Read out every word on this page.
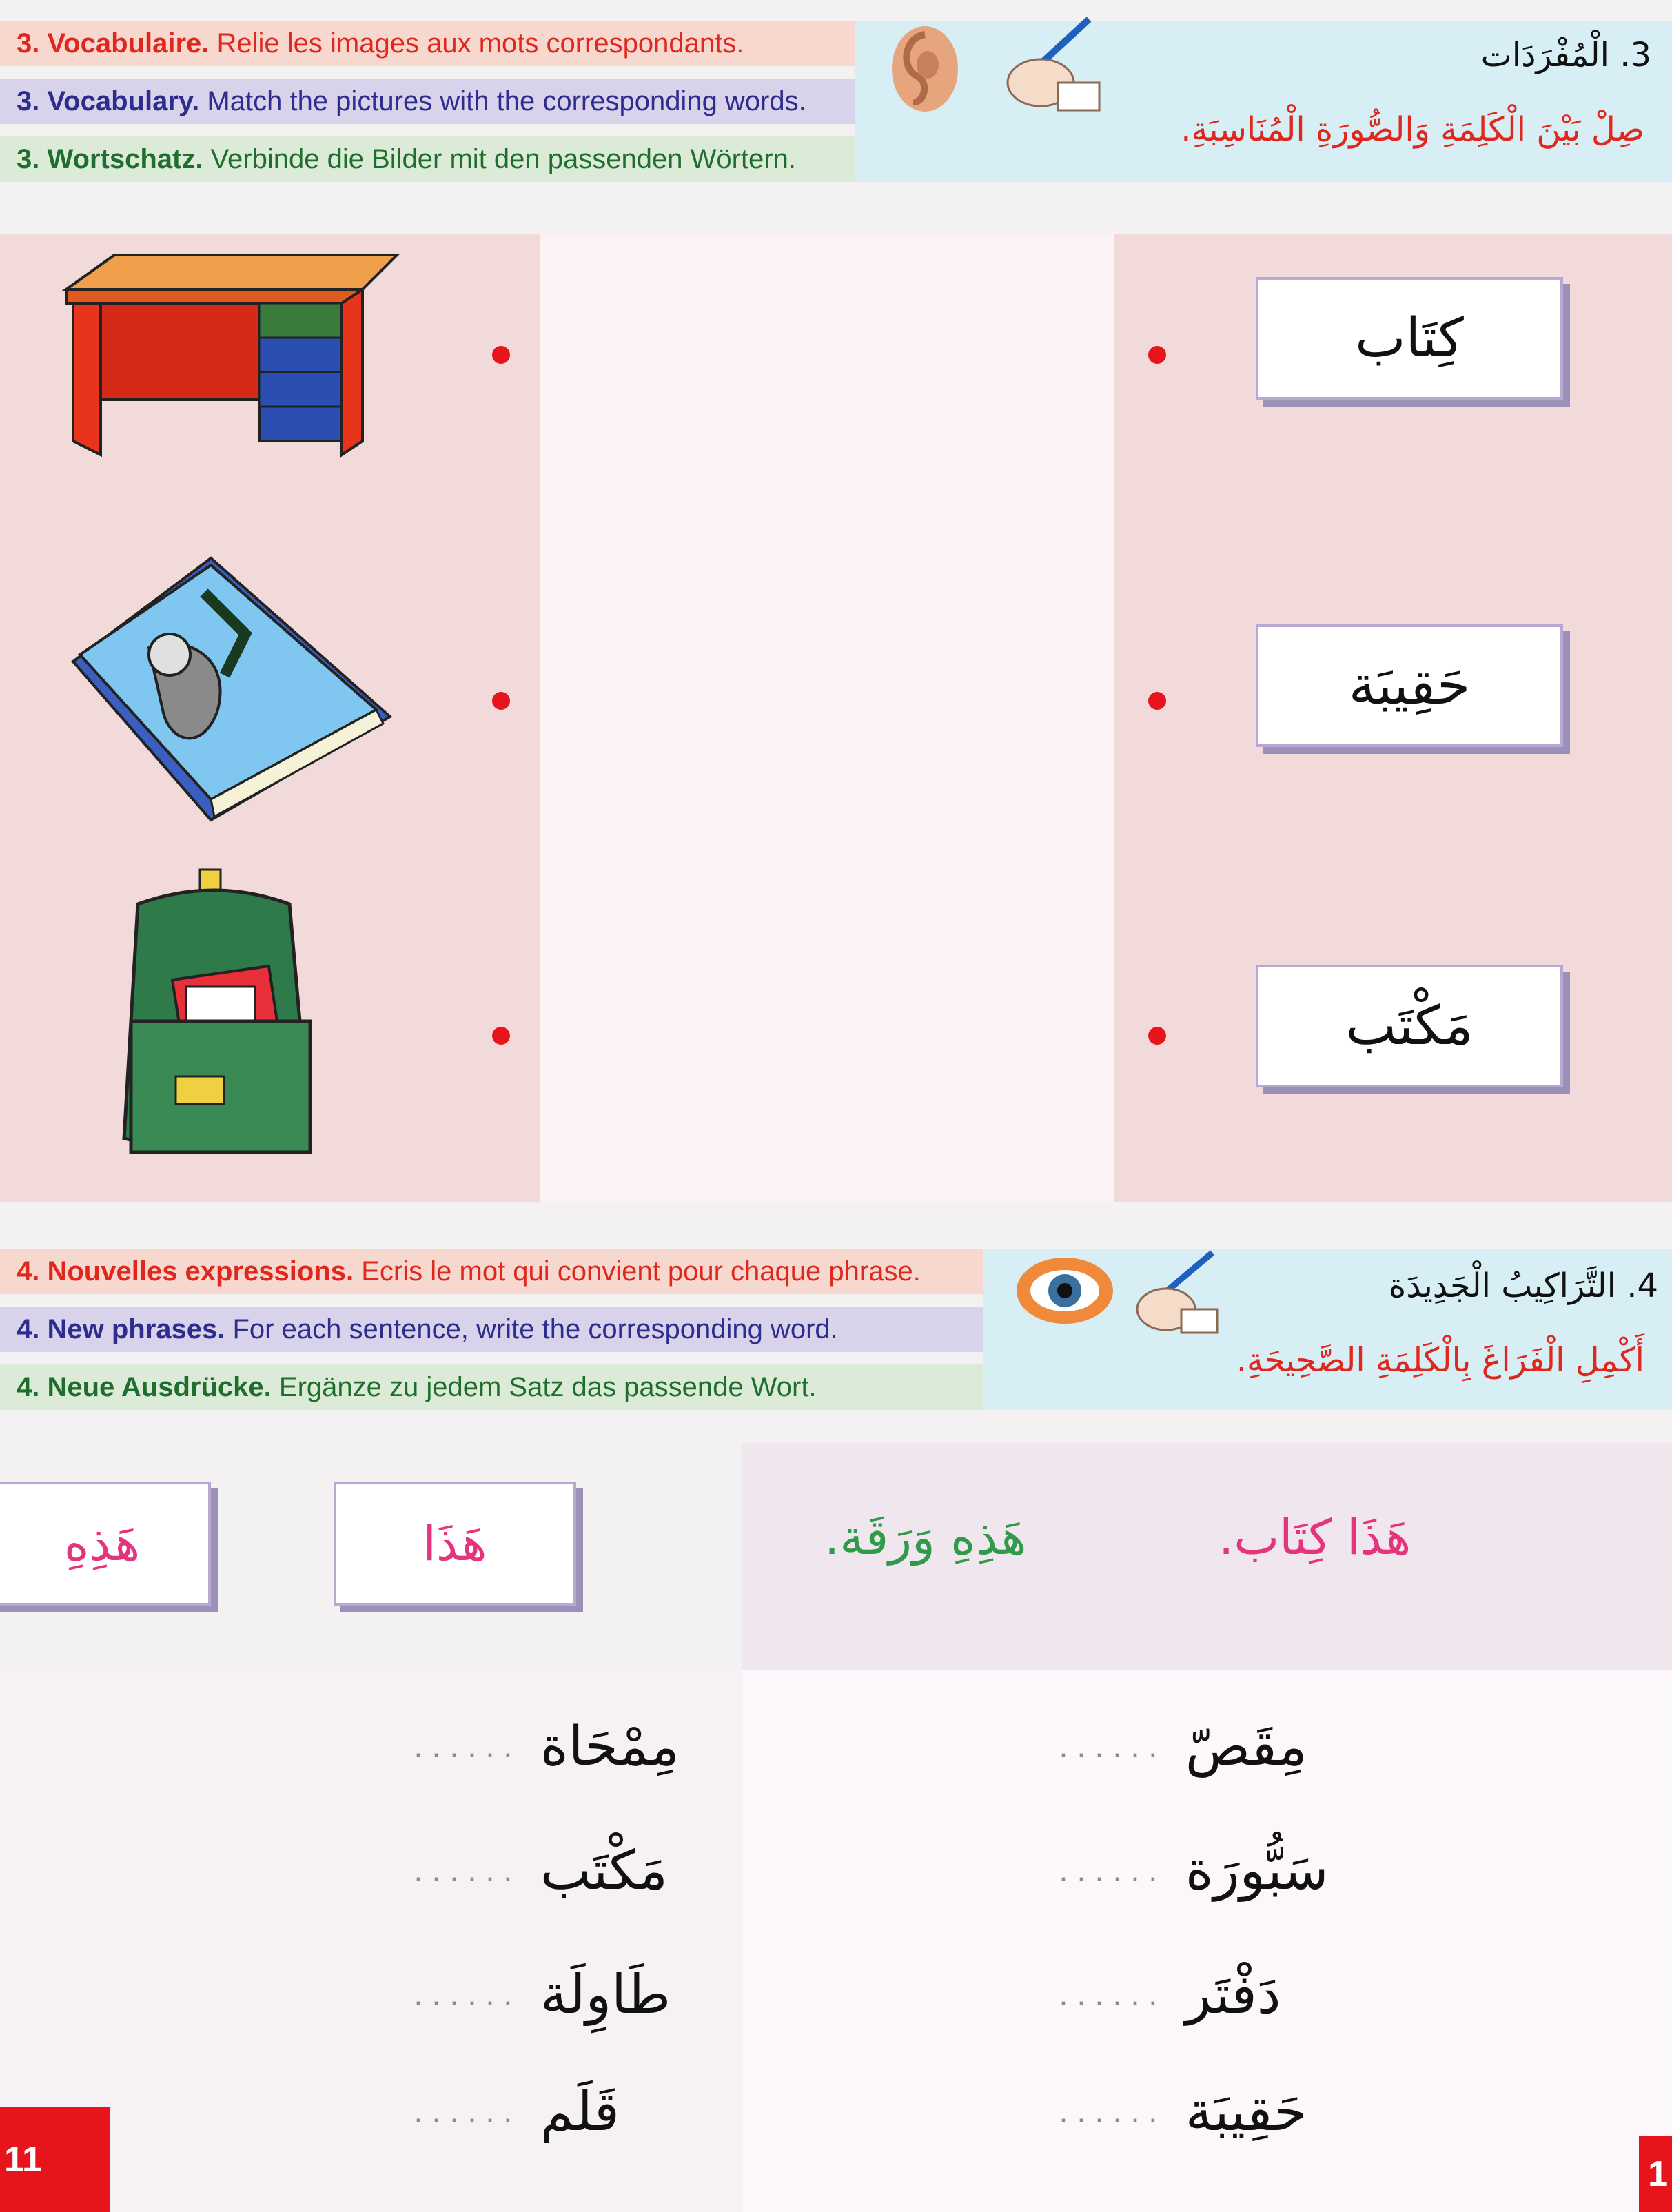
3. Vocabulaire. Relie les images aux mots correspondants.
3. Vocabulary. Match the pictures with the corresponding words.
3. Wortschatz. Verbinde die Bilder mit den passenden Wörtern.
3. الْمُفْرَدَات
صِلْ بَيْنَ الْكَلِمَةِ وَالصُّورَةِ الْمُنَاسِبَةِ.
كِتَاب
حَقِيبَة
مَكْتَب
4. Nouvelles expressions. Ecris le mot qui convient pour chaque phrase.
4. New phrases. For each sentence, write the corresponding word.
4. Neue Ausdrücke. Ergänze zu jedem Satz das passende Wort.
4. التَّرَاكِيبُ الْجَدِيدَة
أَكْمِلِ الْفَرَاغَ بِالْكَلِمَةِ الصَّحِيحَةِ.
هَذِهِ	هَذَا	هَذِهِ وَرَقَة.	هَذَا كِتَاب.
...... مِمْحَاة
...... مَكْتَب
...... طَاوِلَة
...... قَلَم
...... مِقَصّ
...... سَبُّورَة
...... دَفْتَر
...... حَقِيبَة
11	1
